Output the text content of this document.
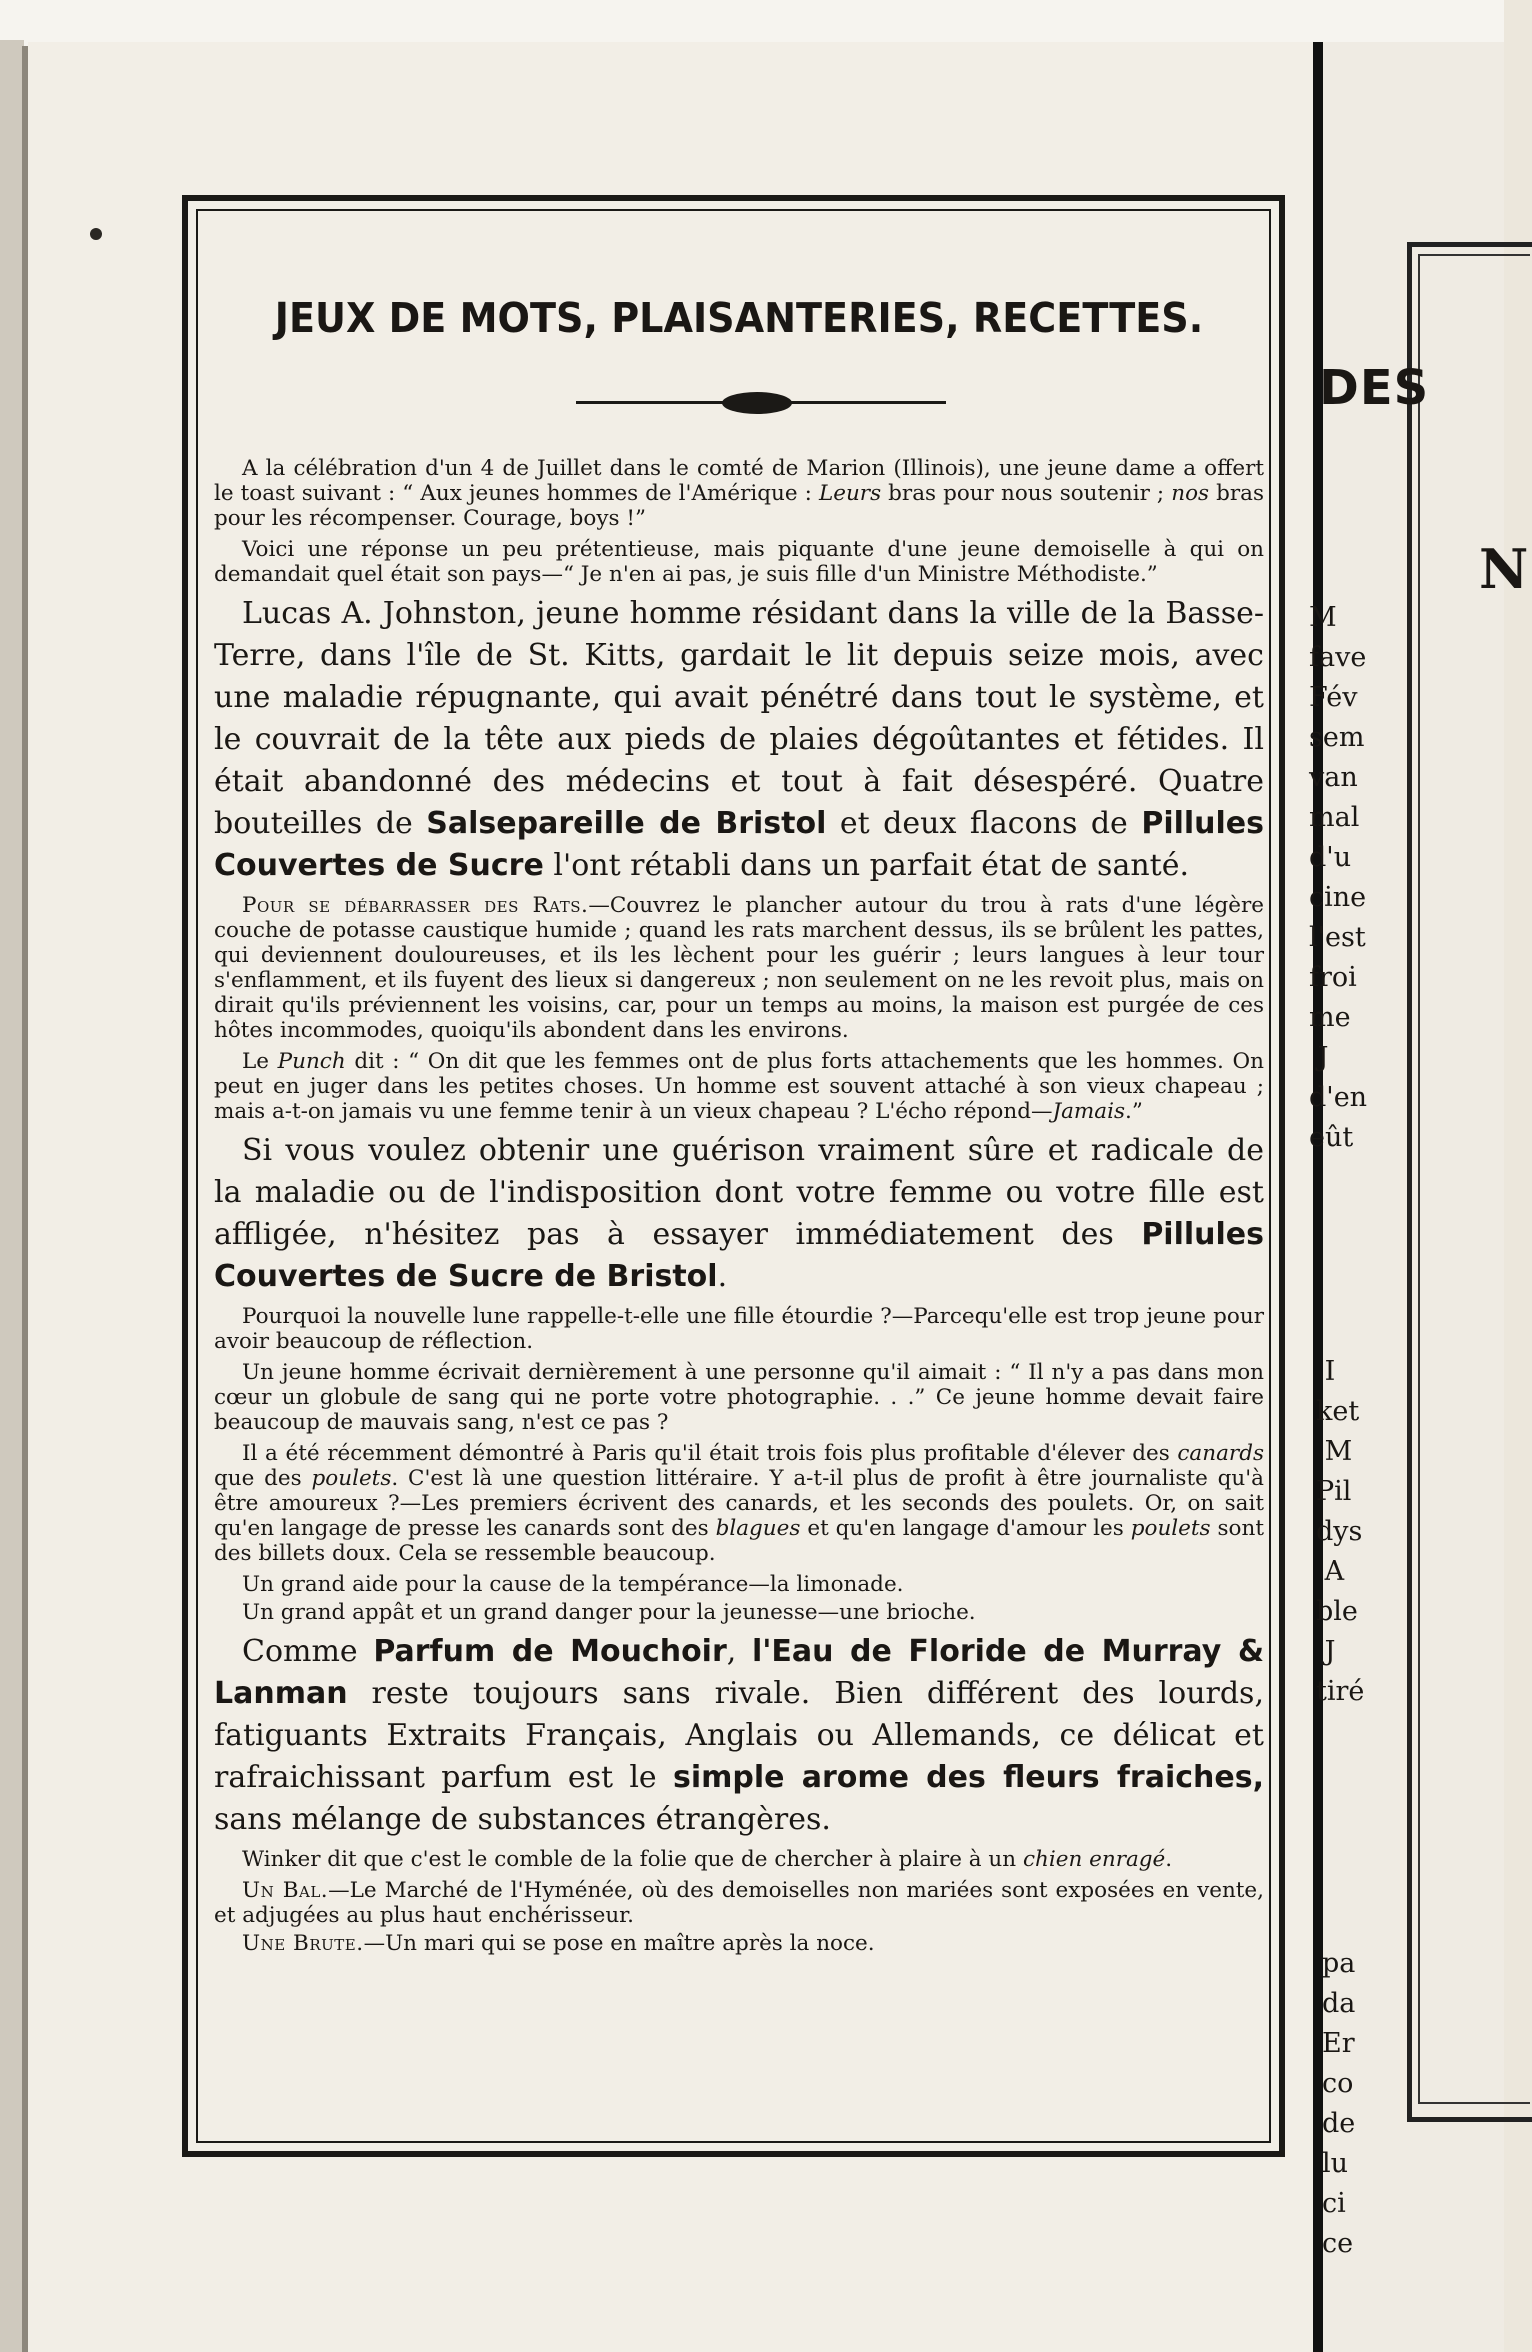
DES
N
M
fave
Fév
sem
van
mal
d'u
cine
l'est
froi
me
J
d'en
eût
I
ket
M
Pil
dys
A
ble
J
tiré
pa
da
Er
co
de
lu
ci
ce
JEUX DE MOTS, PLAISANTERIES, RECETTES.

A la célébration d'un 4 de Juillet dans le comté de Marion (Illinois), une jeune dame a offert le toast suivant : “ Aux jeunes hommes de l'Amérique : Leurs bras pour nous soutenir ; nos bras pour les récompenser. Courage, boys !”

Voici une réponse un peu prétentieuse, mais piquante d'une jeune demoiselle à qui on demandait quel était son pays—“ Je n'en ai pas, je suis fille d'un Ministre Méthodiste.”

Lucas A. Johnston, jeune homme résidant dans la ville de la Basse-Terre, dans l'île de St. Kitts, gardait le lit depuis seize mois, avec une maladie répugnante, qui avait pénétré dans tout le système, et le couvrait de la tête aux pieds de plaies dégoûtantes et fétides. Il était abandonné des médecins et tout à fait désespéré. Quatre bouteilles de Salsepareille de Bristol et deux flacons de Pillules Couvertes de Sucre l'ont rétabli dans un parfait état de santé.

Pour se débarrasser des Rats.—Couvrez le plancher autour du trou à rats d'une légère couche de potasse caustique humide ; quand les rats marchent dessus, ils se brûlent les pattes, qui deviennent douloureuses, et ils les lèchent pour les guérir ; leurs langues à leur tour s'enflamment, et ils fuyent des lieux si dangereux ; non seulement on ne les revoit plus, mais on dirait qu'ils préviennent les voisins, car, pour un temps au moins, la maison est purgée de ces hôtes incommodes, quoiqu'ils abondent dans les environs.

Le Punch dit : “ On dit que les femmes ont de plus forts attachements que les hommes. On peut en juger dans les petites choses. Un homme est souvent attaché à son vieux chapeau ; mais a-t-on jamais vu une femme tenir à un vieux chapeau ? L'écho répond—Jamais.”

Si vous voulez obtenir une guérison vraiment sûre et radicale de la maladie ou de l'indisposition dont votre femme ou votre fille est affligée, n'hésitez pas à essayer immédiatement des Pillules Couvertes de Sucre de Bristol.

Pourquoi la nouvelle lune rappelle-t-elle une fille étourdie ?—Parcequ'elle est trop jeune pour avoir beaucoup de réflection.

Un jeune homme écrivait dernièrement à une personne qu'il aimait : “ Il n'y a pas dans mon cœur un globule de sang qui ne porte votre photographie. . .” Ce jeune homme devait faire beaucoup de mauvais sang, n'est ce pas ?

Il a été récemment démontré à Paris qu'il était trois fois plus profitable d'élever des canards que des poulets. C'est là une question littéraire. Y a-t-il plus de profit à être journaliste qu'à être amoureux ?—Les premiers écrivent des canards, et les seconds des poulets. Or, on sait qu'en langage de presse les canards sont des blagues et qu'en langage d'amour les poulets sont des billets doux. Cela se ressemble beaucoup.

Un grand aide pour la cause de la tempérance—la limonade.

Un grand appât et un grand danger pour la jeunesse—une brioche.

Comme Parfum de Mouchoir, l'Eau de Floride de Murray & Lanman reste toujours sans rivale. Bien différent des lourds, fatiguants Extraits Français, Anglais ou Allemands, ce délicat et rafraichissant parfum est le simple arome des fleurs fraiches, sans mélange de substances étrangères.

Winker dit que c'est le comble de la folie que de chercher à plaire à un chien enragé.

Un Bal.—Le Marché de l'Hyménée, où des demoiselles non mariées sont exposées en vente, et adjugées au plus haut enchérisseur.

Une Brute.—Un mari qui se pose en maître après la noce.
